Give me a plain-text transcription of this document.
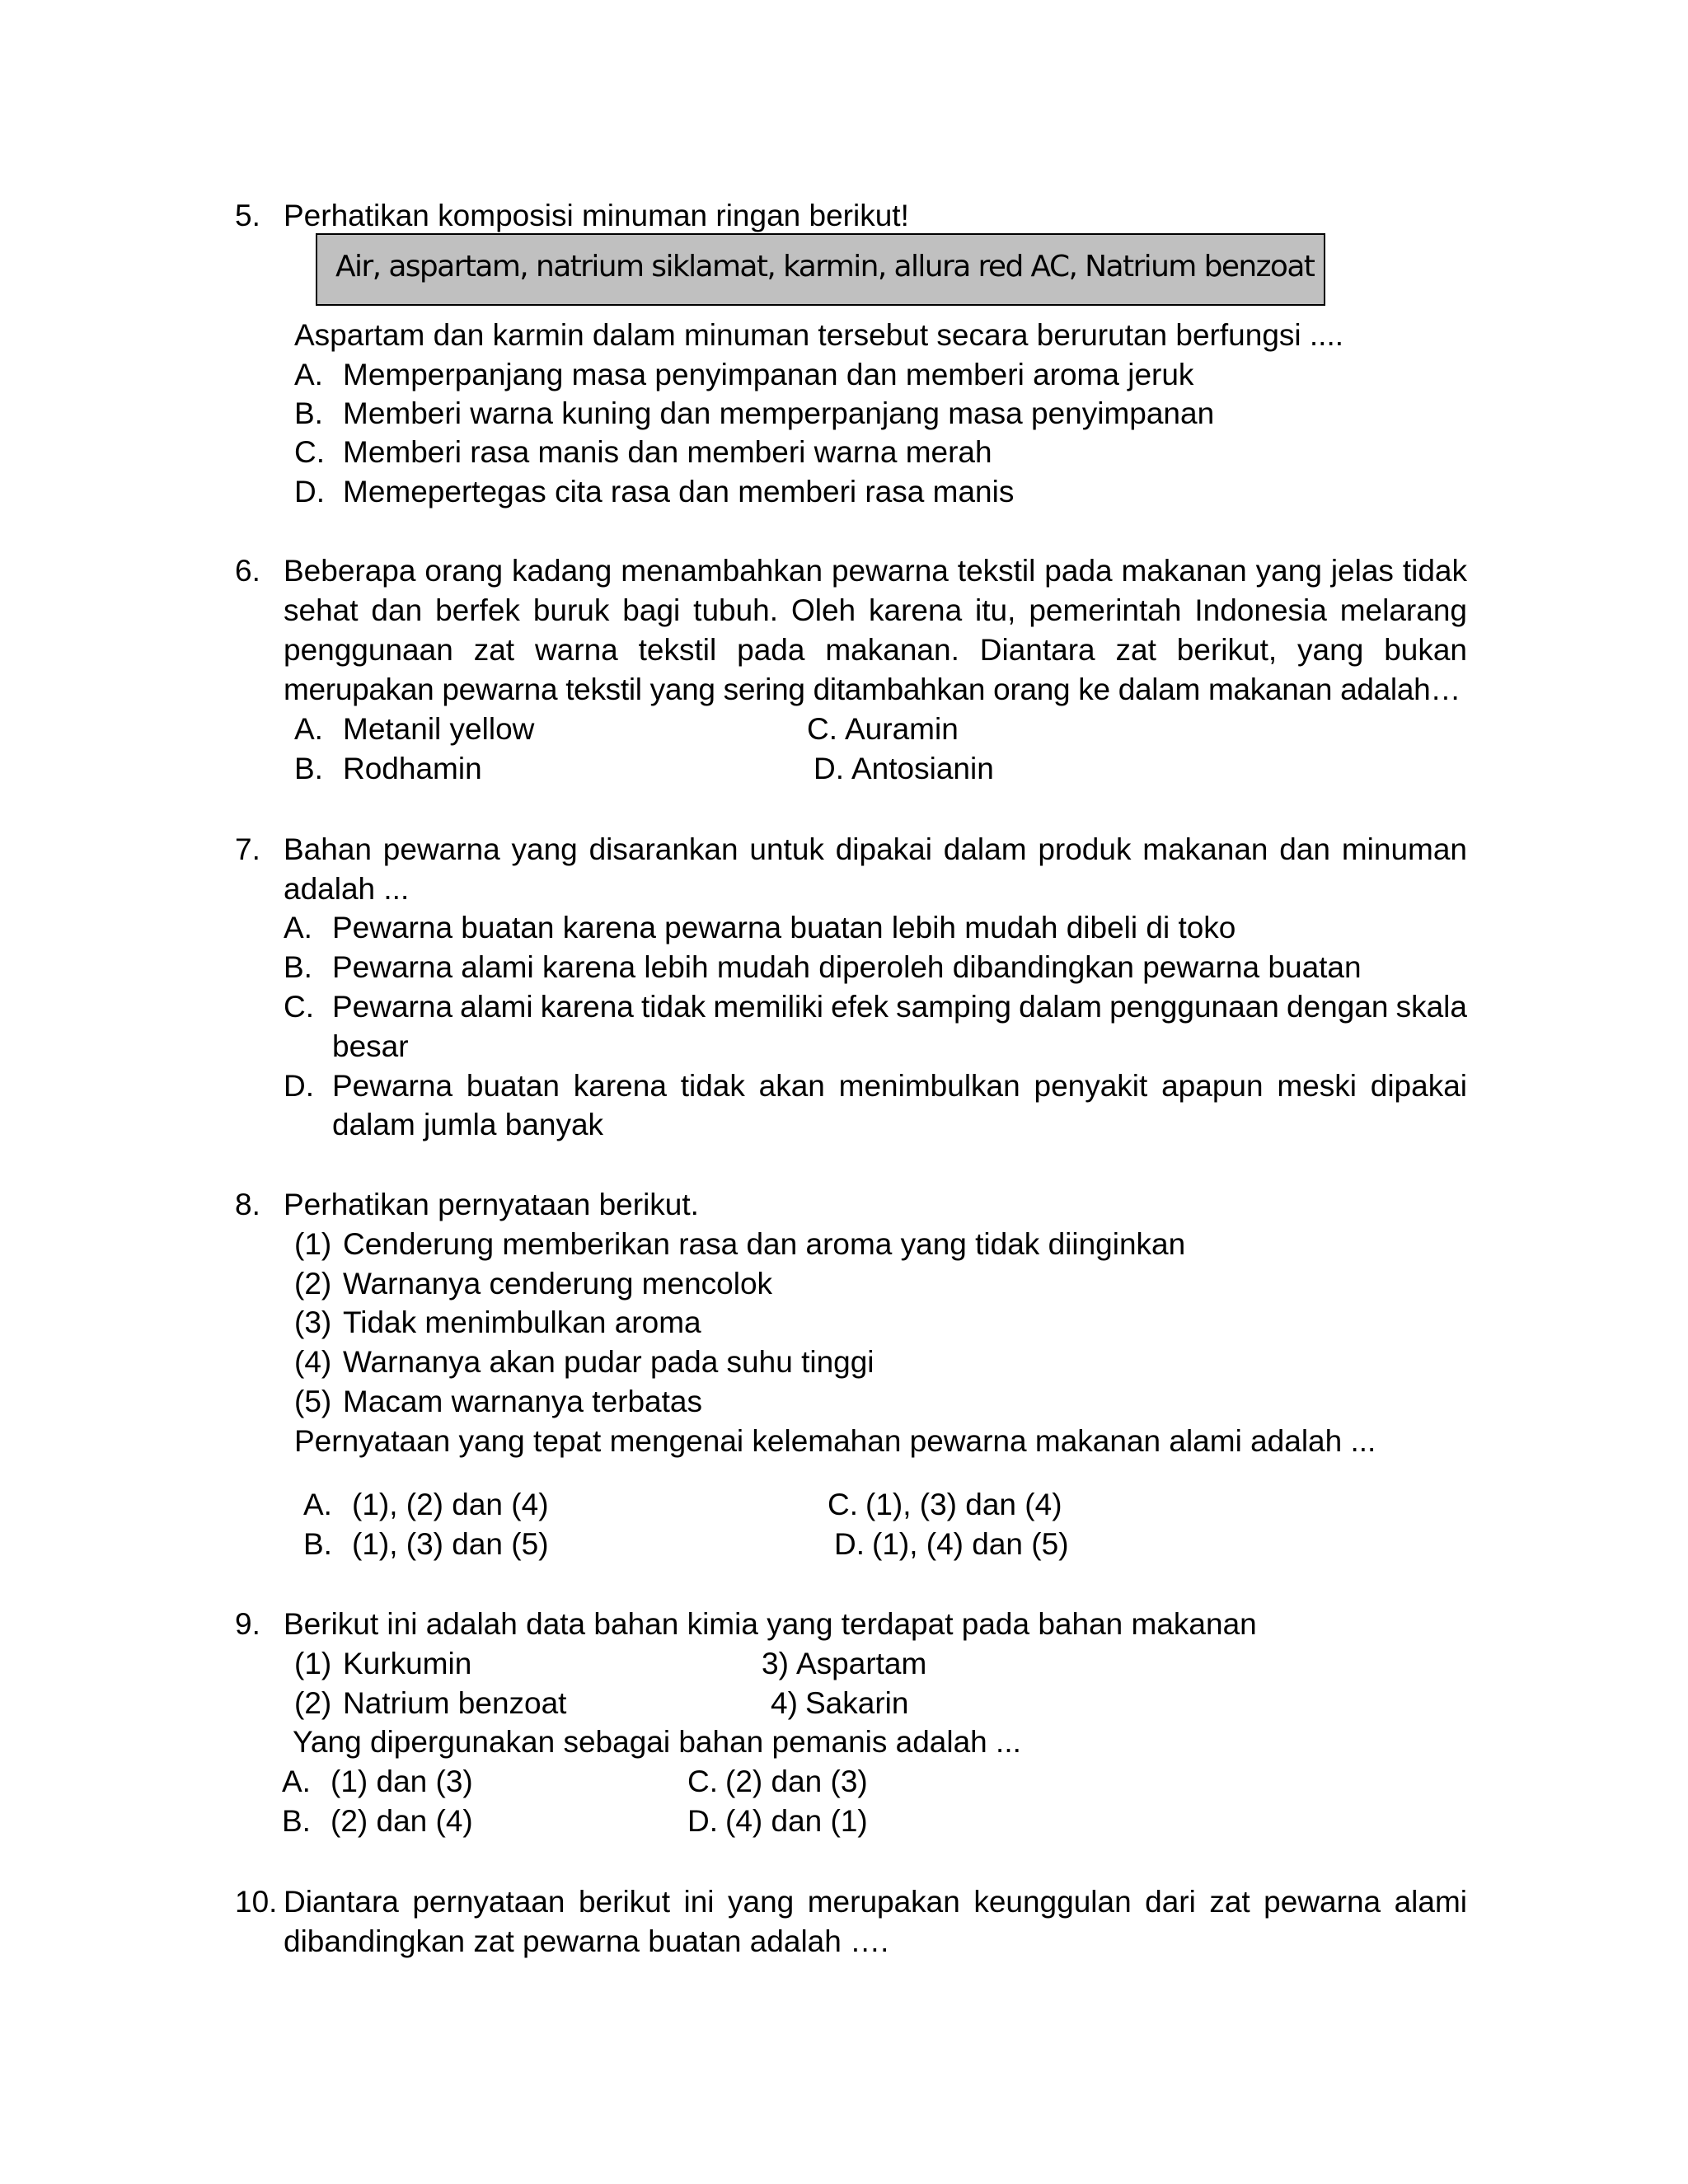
5. Perhatikan komposisi minuman ringan berikut!
Air, aspartam, natrium siklamat, karmin, allura red AC, Natrium benzoat
Aspartam dan karmin dalam minuman tersebut secara berurutan berfungsi ....
A. Memperpanjang masa penyimpanan dan memberi aroma jeruk
B. Memberi warna kuning dan memperpanjang masa penyimpanan
C. Memberi rasa manis dan memberi warna merah
D. Memepertegas cita rasa dan memberi rasa manis
6. Beberapa orang kadang menambahkan pewarna tekstil pada makanan yang jelas tidak
sehat dan berfek buruk bagi tubuh. Oleh karena itu, pemerintah Indonesia melarang
penggunaan zat warna tekstil pada makanan. Diantara zat berikut, yang bukan
merupakan pewarna tekstil yang sering ditambahkan orang ke dalam makanan adalah…
A. Metanil yellow	C. Auramin
B. Rodhamin	D. Antosianin
7. Bahan pewarna yang disarankan untuk dipakai dalam produk makanan dan minuman
adalah ...
A. Pewarna buatan karena pewarna buatan lebih mudah dibeli di toko
B. Pewarna alami karena lebih mudah diperoleh dibandingkan pewarna buatan
C. Pewarna alami karena tidak memiliki efek samping dalam penggunaan dengan skala
besar
D. Pewarna buatan karena tidak akan menimbulkan penyakit apapun meski dipakai
dalam jumla banyak
8. Perhatikan pernyataan berikut.
(1) Cenderung memberikan rasa dan aroma yang tidak diinginkan
(2) Warnanya cenderung mencolok
(3) Tidak menimbulkan aroma
(4) Warnanya akan pudar pada suhu tinggi
(5) Macam warnanya terbatas
Pernyataan yang tepat mengenai kelemahan pewarna makanan alami adalah ...
A. (1), (2) dan (4)	C. (1), (3) dan (4)
B. (1), (3) dan (5)	D. (1), (4) dan (5)
9. Berikut ini adalah data bahan kimia yang terdapat pada bahan makanan
(1) Kurkumin	3) Aspartam
(2) Natrium benzoat	4) Sakarin
Yang dipergunakan sebagai bahan pemanis adalah ...
A. (1) dan (3)	C. (2) dan (3)
B. (2) dan (4)	D. (4) dan (1)
10. Diantara pernyataan berikut ini yang merupakan keunggulan dari zat pewarna alami
dibandingkan zat pewarna buatan adalah ….
